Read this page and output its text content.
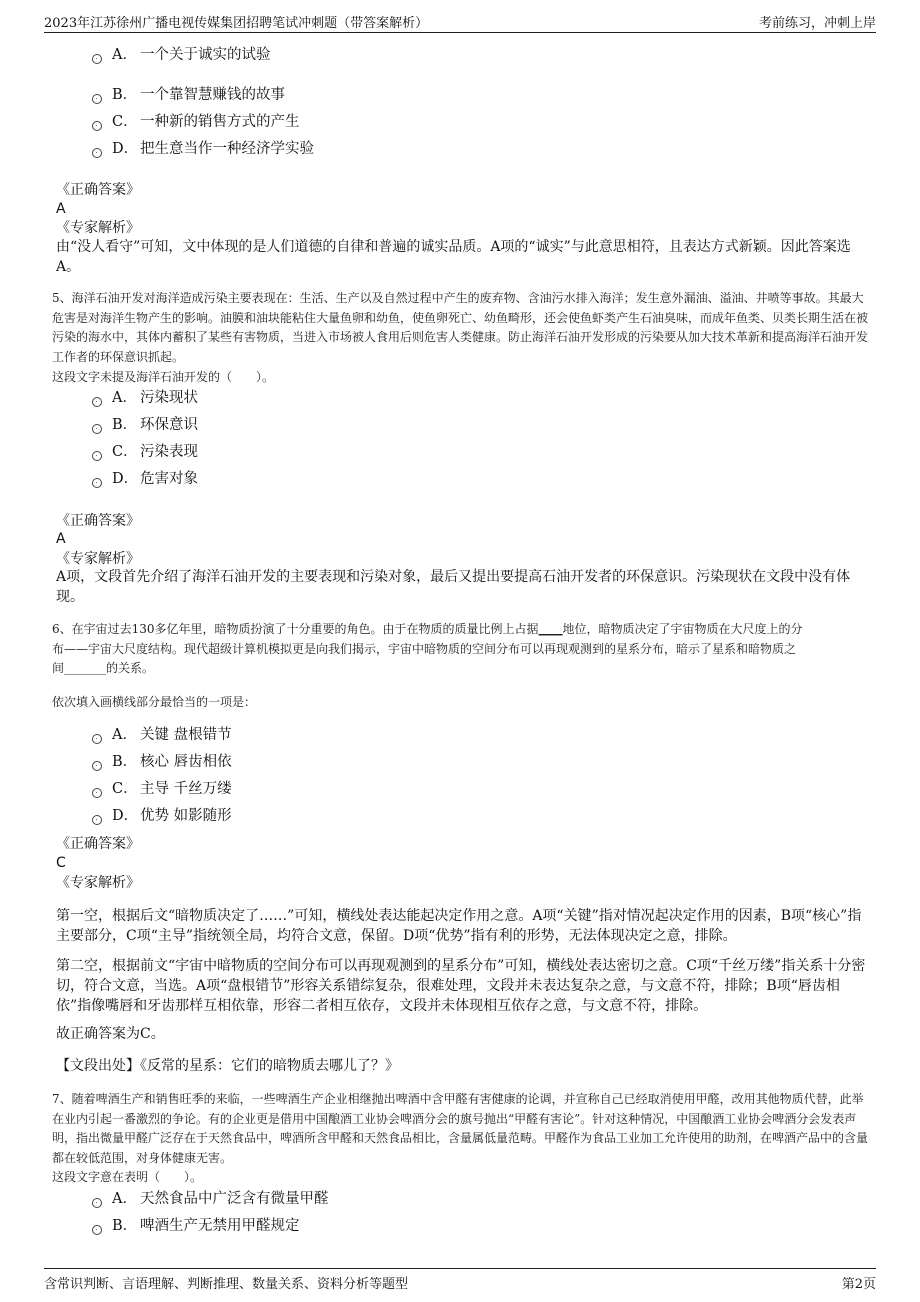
2023年江苏徐州广播电视传媒集团招聘笔试冲刺题（带答案解析）	考前练习，冲刺上岸
A． 一个关于诚实的试验
B． 一个靠智慧赚钱的故事
C． 一种新的销售方式的产生
D． 把生意当作一种经济学实验
《正确答案》
A
《专家解析》
由“没人看守”可知，文中体现的是人们道德的自律和普遍的诚实品质。A项的“诚实”与此意思相符，且表达方式新颖。因此答案选A。
5、海洋石油开发对海洋造成污染主要表现在：生活、生产以及自然过程中产生的废弃物、含油污水排入海洋；发生意外漏油、溢油、井喷等事故。其最大危害是对海洋生物产生的影响。油膜和油块能粘住大量鱼卵和幼鱼，使鱼卵死亡、幼鱼畸形，还会使鱼虾类产生石油臭味，而成年鱼类、贝类长期生活在被污染的海水中，其体内蓄积了某些有害物质，当进入市场被人食用后则危害人类健康。防止海洋石油开发形成的污染要从加大技术革新和提高海洋石油开发工作者的环保意识抓起。
这段文字未提及海洋石油开发的（　　）。
A． 污染现状
B． 环保意识
C． 污染表现
D． 危害对象
《正确答案》
A
《专家解析》
A项，文段首先介绍了海洋石油开发的主要表现和污染对象，最后又提出要提高石油开发者的环保意识。污染现状在文段中没有体现。
6、在宇宙过去130多亿年里，暗物质扮演了十分重要的角色。由于在物质的质量比例上占据____地位，暗物质决定了宇宙物质在大尺度上的分
布——宇宙大尺度结构。现代超级计算机模拟更是向我们揭示，宇宙中暗物质的空间分布可以再现观测到的星系分布，暗示了星系和暗物质之
间_______的关系。
依次填入画横线部分最恰当的一项是：
A． 关键 盘根错节
B． 核心 唇齿相依
C． 主导 千丝万缕
D． 优势 如影随形
《正确答案》
C
《专家解析》
第一空，根据后文“暗物质决定了……”可知，横线处表达能起决定作用之意。A项“关键”指对情况起决定作用的因素，B项“核心”指主要部分，C项“主导”指统领全局，均符合文意，保留。D项“优势”指有利的形势，无法体现决定之意，排除。
第二空，根据前文“宇宙中暗物质的空间分布可以再现观测到的星系分布”可知，横线处表达密切之意。C项“千丝万缕”指关系十分密切，符合文意，当选。A项“盘根错节”形容关系错综复杂，很难处理，文段并未表达复杂之意，与文意不符，排除；B项“唇齿相依”指像嘴唇和牙齿那样互相依靠，形容二者相互依存，文段并未体现相互依存之意，与文意不符，排除。
故正确答案为C。
【文段出处】《反常的星系：它们的暗物质去哪儿了？》
7、随着啤酒生产和销售旺季的来临，一些啤酒生产企业相继抛出啤酒中含甲醛有害健康的论调，并宣称自己已经取消使用甲醛，改用其他物质代替，此举在业内引起一番激烈的争论。有的企业更是借用中国酿酒工业协会啤酒分会的旗号抛出“甲醛有害论”。针对这种情况，中国酿酒工业协会啤酒分会发表声明，指出微量甲醛广泛存在于天然食品中，啤酒所含甲醛和天然食品相比，含量属低量范畴。甲醛作为食品工业加工允许使用的助剂，在啤酒产品中的含量都在较低范围，对身体健康无害。
这段文字意在表明（　　）。
A． 天然食品中广泛含有微量甲醛
B． 啤酒生产无禁用甲醛规定
含常识判断、言语理解、判断推理、数量关系、资料分析等题型	第2页
